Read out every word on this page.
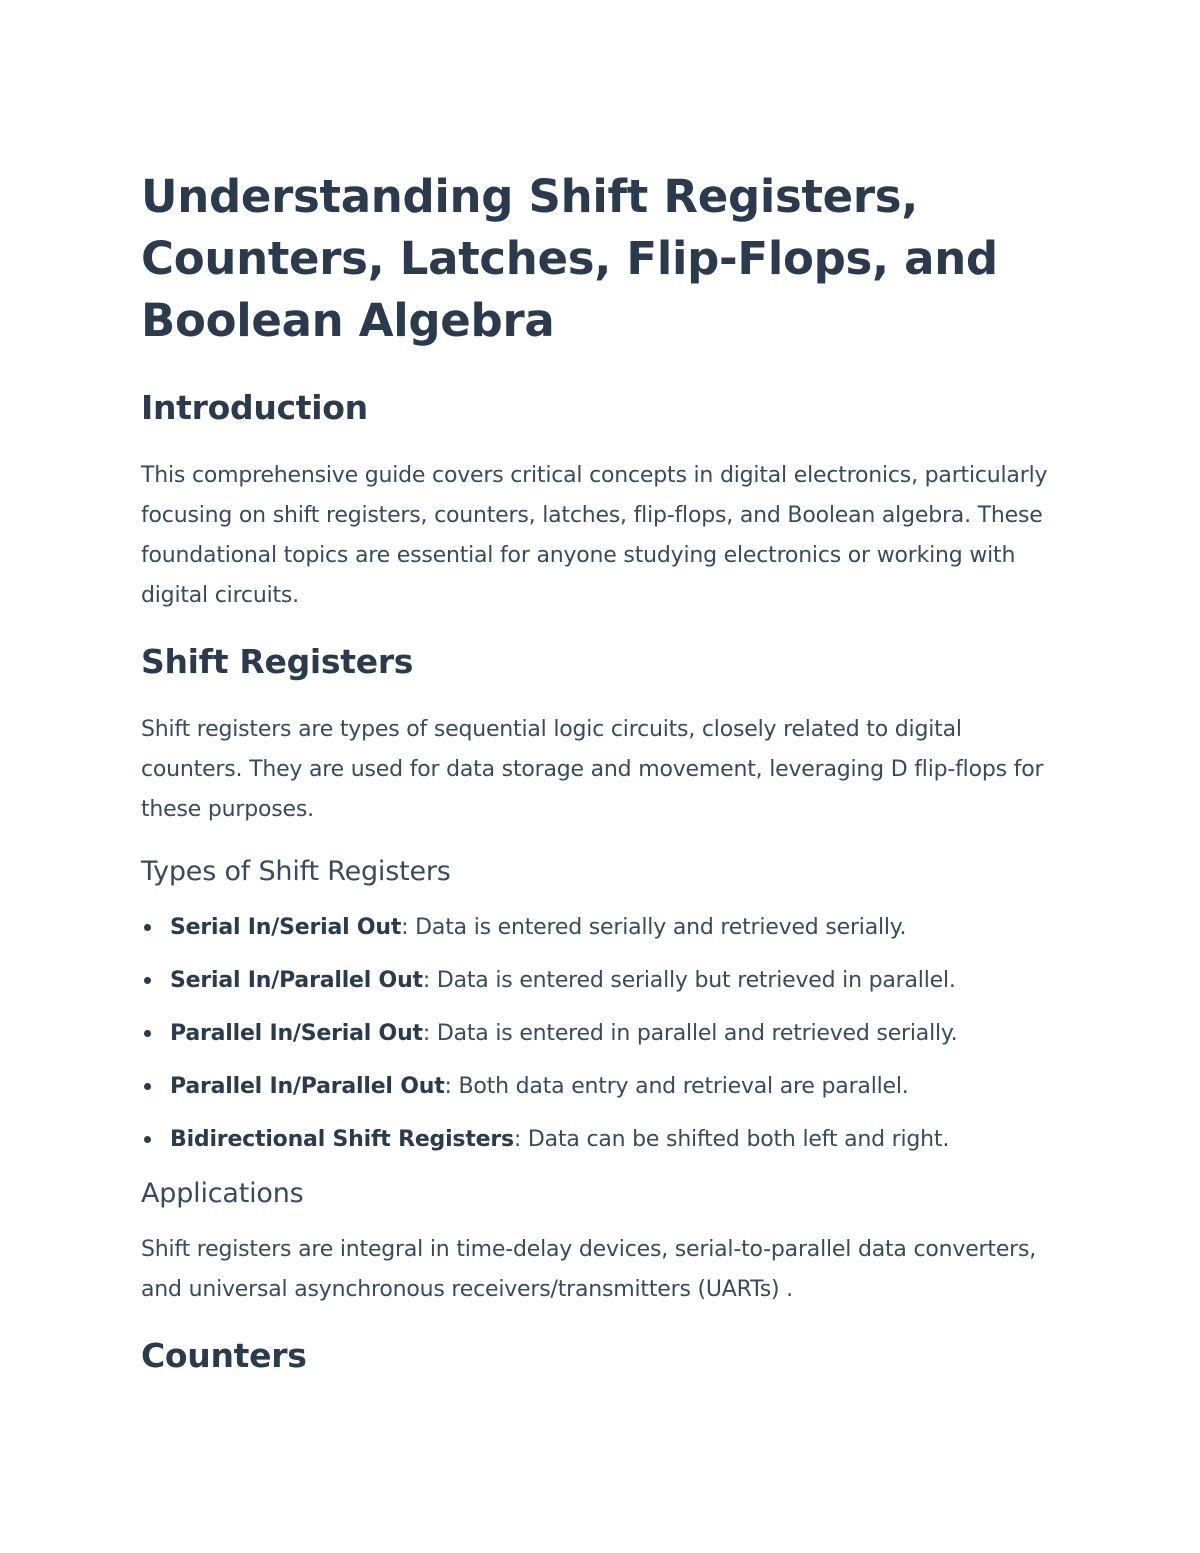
Understanding Shift Registers, Counters, Latches, Flip-Flops, and Boolean Algebra
Introduction

This comprehensive guide covers critical concepts in digital electronics, particularly focusing on shift registers, counters, latches, flip-flops, and Boolean algebra. These foundational topics are essential for anyone studying electronics or working with digital circuits.

Shift Registers

Shift registers are types of sequential logic circuits, closely related to digital counters. They are used for data storage and movement, leveraging D flip-flops for these purposes.

Types of Shift Registers
Serial In/Serial Out: Data is entered serially and retrieved serially.
Serial In/Parallel Out: Data is entered serially but retrieved in parallel.
Parallel In/Serial Out: Data is entered in parallel and retrieved serially.
Parallel In/Parallel Out: Both data entry and retrieval are parallel.
Bidirectional Shift Registers: Data can be shifted both left and right.
Applications

Shift registers are integral in time-delay devices, serial-to-parallel data converters, and universal asynchronous receivers/transmitters (UARTs) .

Counters
